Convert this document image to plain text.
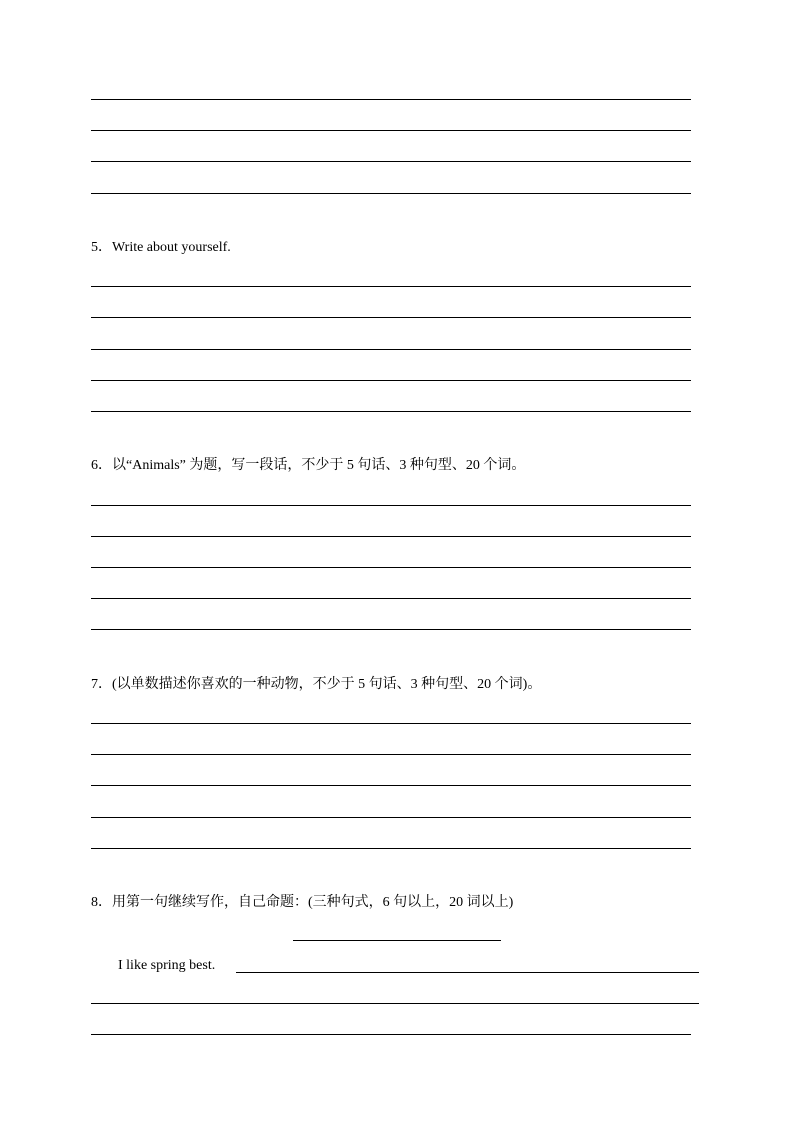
5．Write about yourself.

6．以“Animals” 为题，写一段话，不少于 5 句话、3 种句型、20 个词。

7．(以单数描述你喜欢的一种动物，不少于 5 句话、3 种句型、20 个词)。

8．用第一句继续写作，自己命题：(三种句式，6 句以上，20 词以上)

I like spring best.
